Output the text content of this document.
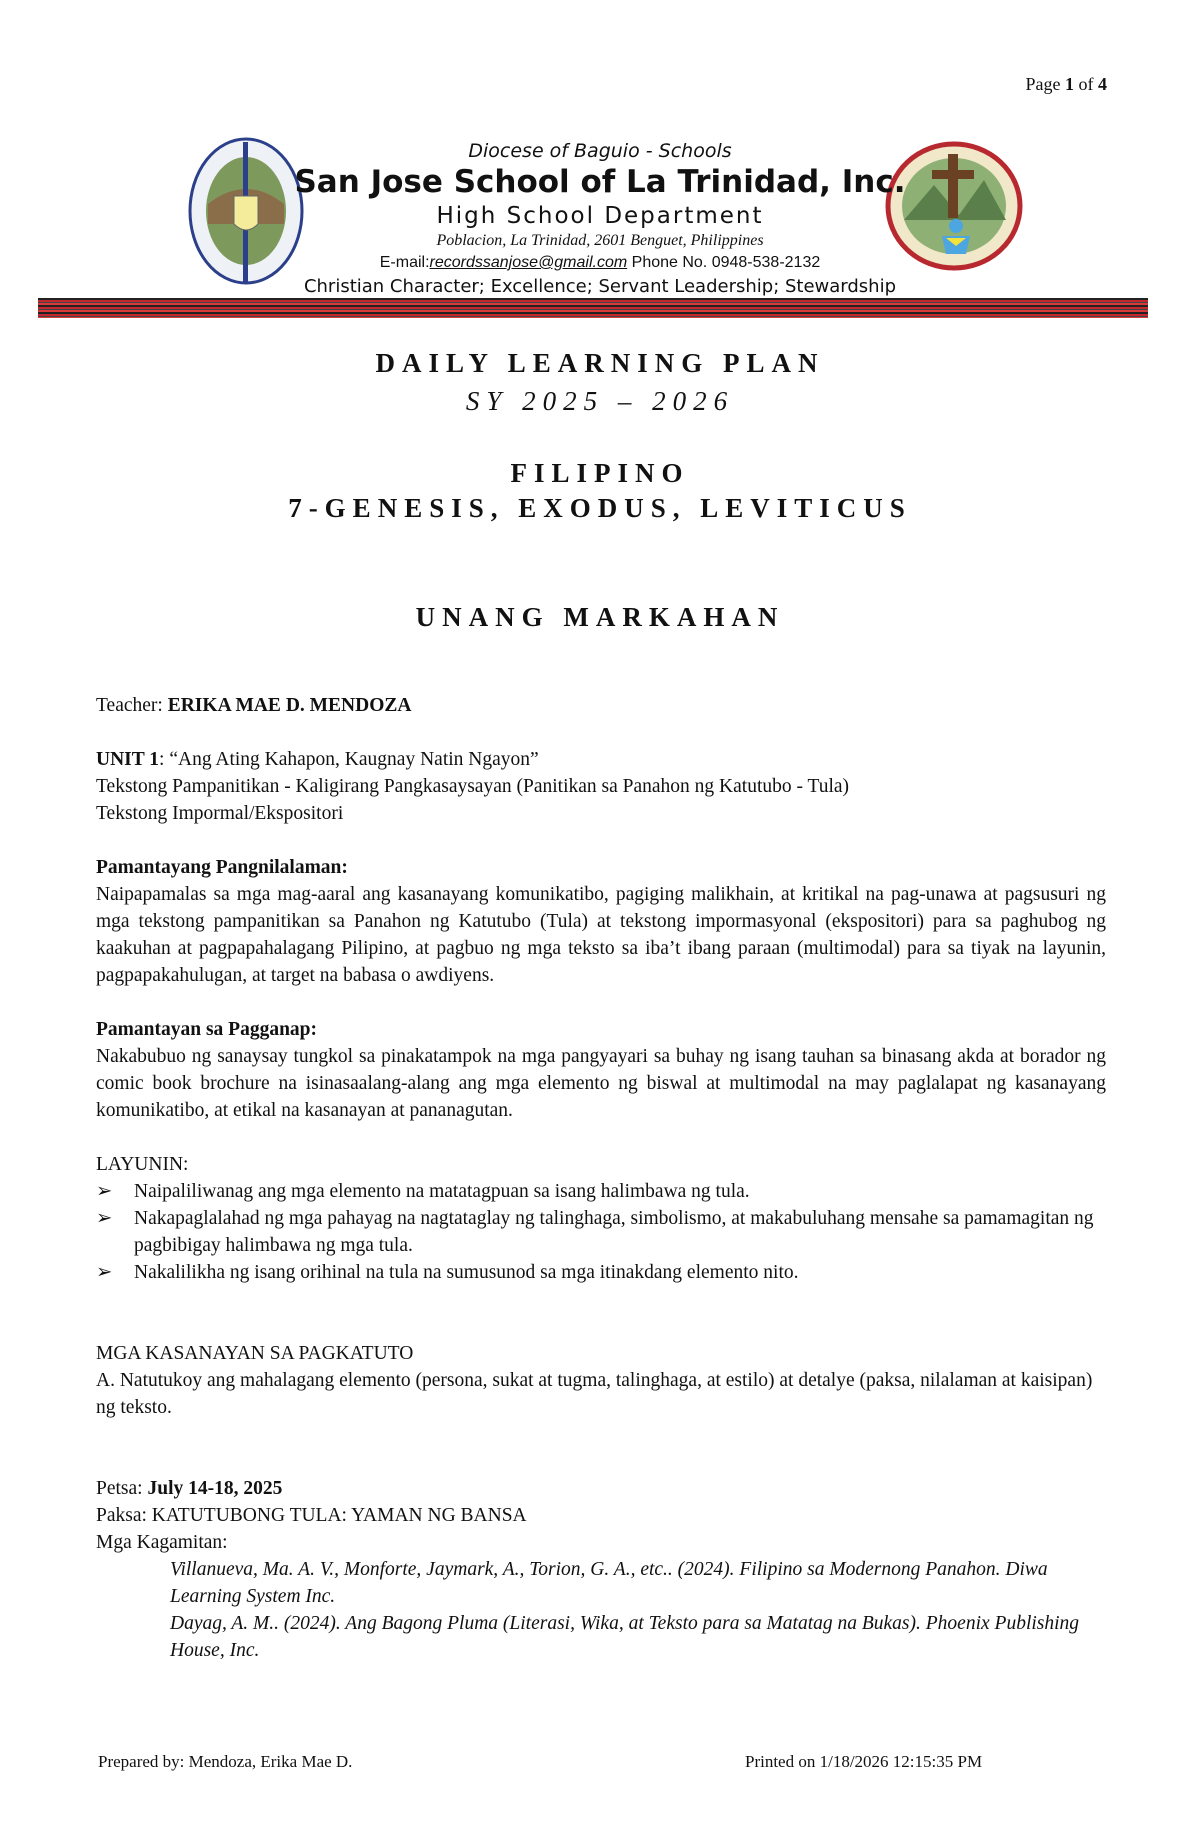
Page 1 of 4
Diocese of Baguio - Schools
San Jose School of La Trinidad, Inc.
High School Department
Poblacion, La Trinidad, 2601 Benguet, Philippines
E-mail:recordssanjose@gmail.com Phone No. 0948-538-2132
Christian Character; Excellence; Servant Leadership; Stewardship
DAILY LEARNING PLAN
SY 2025 – 2026
FILIPINO
7-GENESIS, EXODUS, LEVITICUS
UNANG MARKAHAN

Teacher: ERIKA MAE D. MENDOZA

UNIT 1: “Ang Ating Kahapon, Kaugnay Natin Ngayon”

Tekstong Pampanitikan - Kaligirang Pangkasaysayan (Panitikan sa Panahon ng Katutubo - Tula)

Tekstong Impormal/Ekspositori

Pamantayang Pangnilalaman:

Naipapamalas sa mga mag-aaral ang kasanayang komunikatibo, pagiging malikhain, at kritikal na pag-unawa at pagsusuri ng mga tekstong pampanitikan sa Panahon ng Katutubo (Tula) at tekstong impormasyonal (ekspositori) para sa paghubog ng kaakuhan at pagpapahalagang Pilipino, at pagbuo ng mga teksto sa iba’t ibang paraan (multimodal) para sa tiyak na layunin, pagpapakahulugan, at target na babasa o awdiyens.

Pamantayan sa Pagganap:

Nakabubuo ng sanaysay tungkol sa pinakatampok na mga pangyayari sa buhay ng isang tauhan sa binasang akda at borador ng comic book brochure na isinasaalang-alang ang mga elemento ng biswal at multimodal na may paglalapat ng kasanayang komunikatibo, at etikal na kasanayan at pananagutan.

LAYUNIN:

➢ Naipaliliwanag ang mga elemento na matatagpuan sa isang halimbawa ng tula.
➢ Nakapaglalahad ng mga pahayag na nagtataglay ng talinghaga, simbolismo, at makabuluhang mensahe sa pamamagitan ng pagbibigay halimbawa ng mga tula.
➢ Nakalilikha ng isang orihinal na tula na sumusunod sa mga itinakdang elemento nito.

MGA KASANAYAN SA PAGKATUTO

A. Natutukoy ang mahalagang elemento (persona, sukat at tugma, talinghaga, at estilo) at detalye (paksa, nilalaman at kaisipan) ng teksto.

Petsa: July 14-18, 2025

Paksa: KATUTUBONG TULA: YAMAN NG BANSA

Mga Kagamitan:

Villanueva, Ma. A. V., Monforte, Jaymark, A., Torion, G. A., etc.. (2024). Filipino sa Modernong Panahon. Diwa Learning System Inc.

Dayag, A. M.. (2024). Ang Bagong Pluma (Literasi, Wika, at Teksto para sa Matatag na Bukas). Phoenix Publishing House, Inc.

Prepared by: Mendoza, Erika Mae D.	Printed on 1/18/2026 12:15:35 PM
